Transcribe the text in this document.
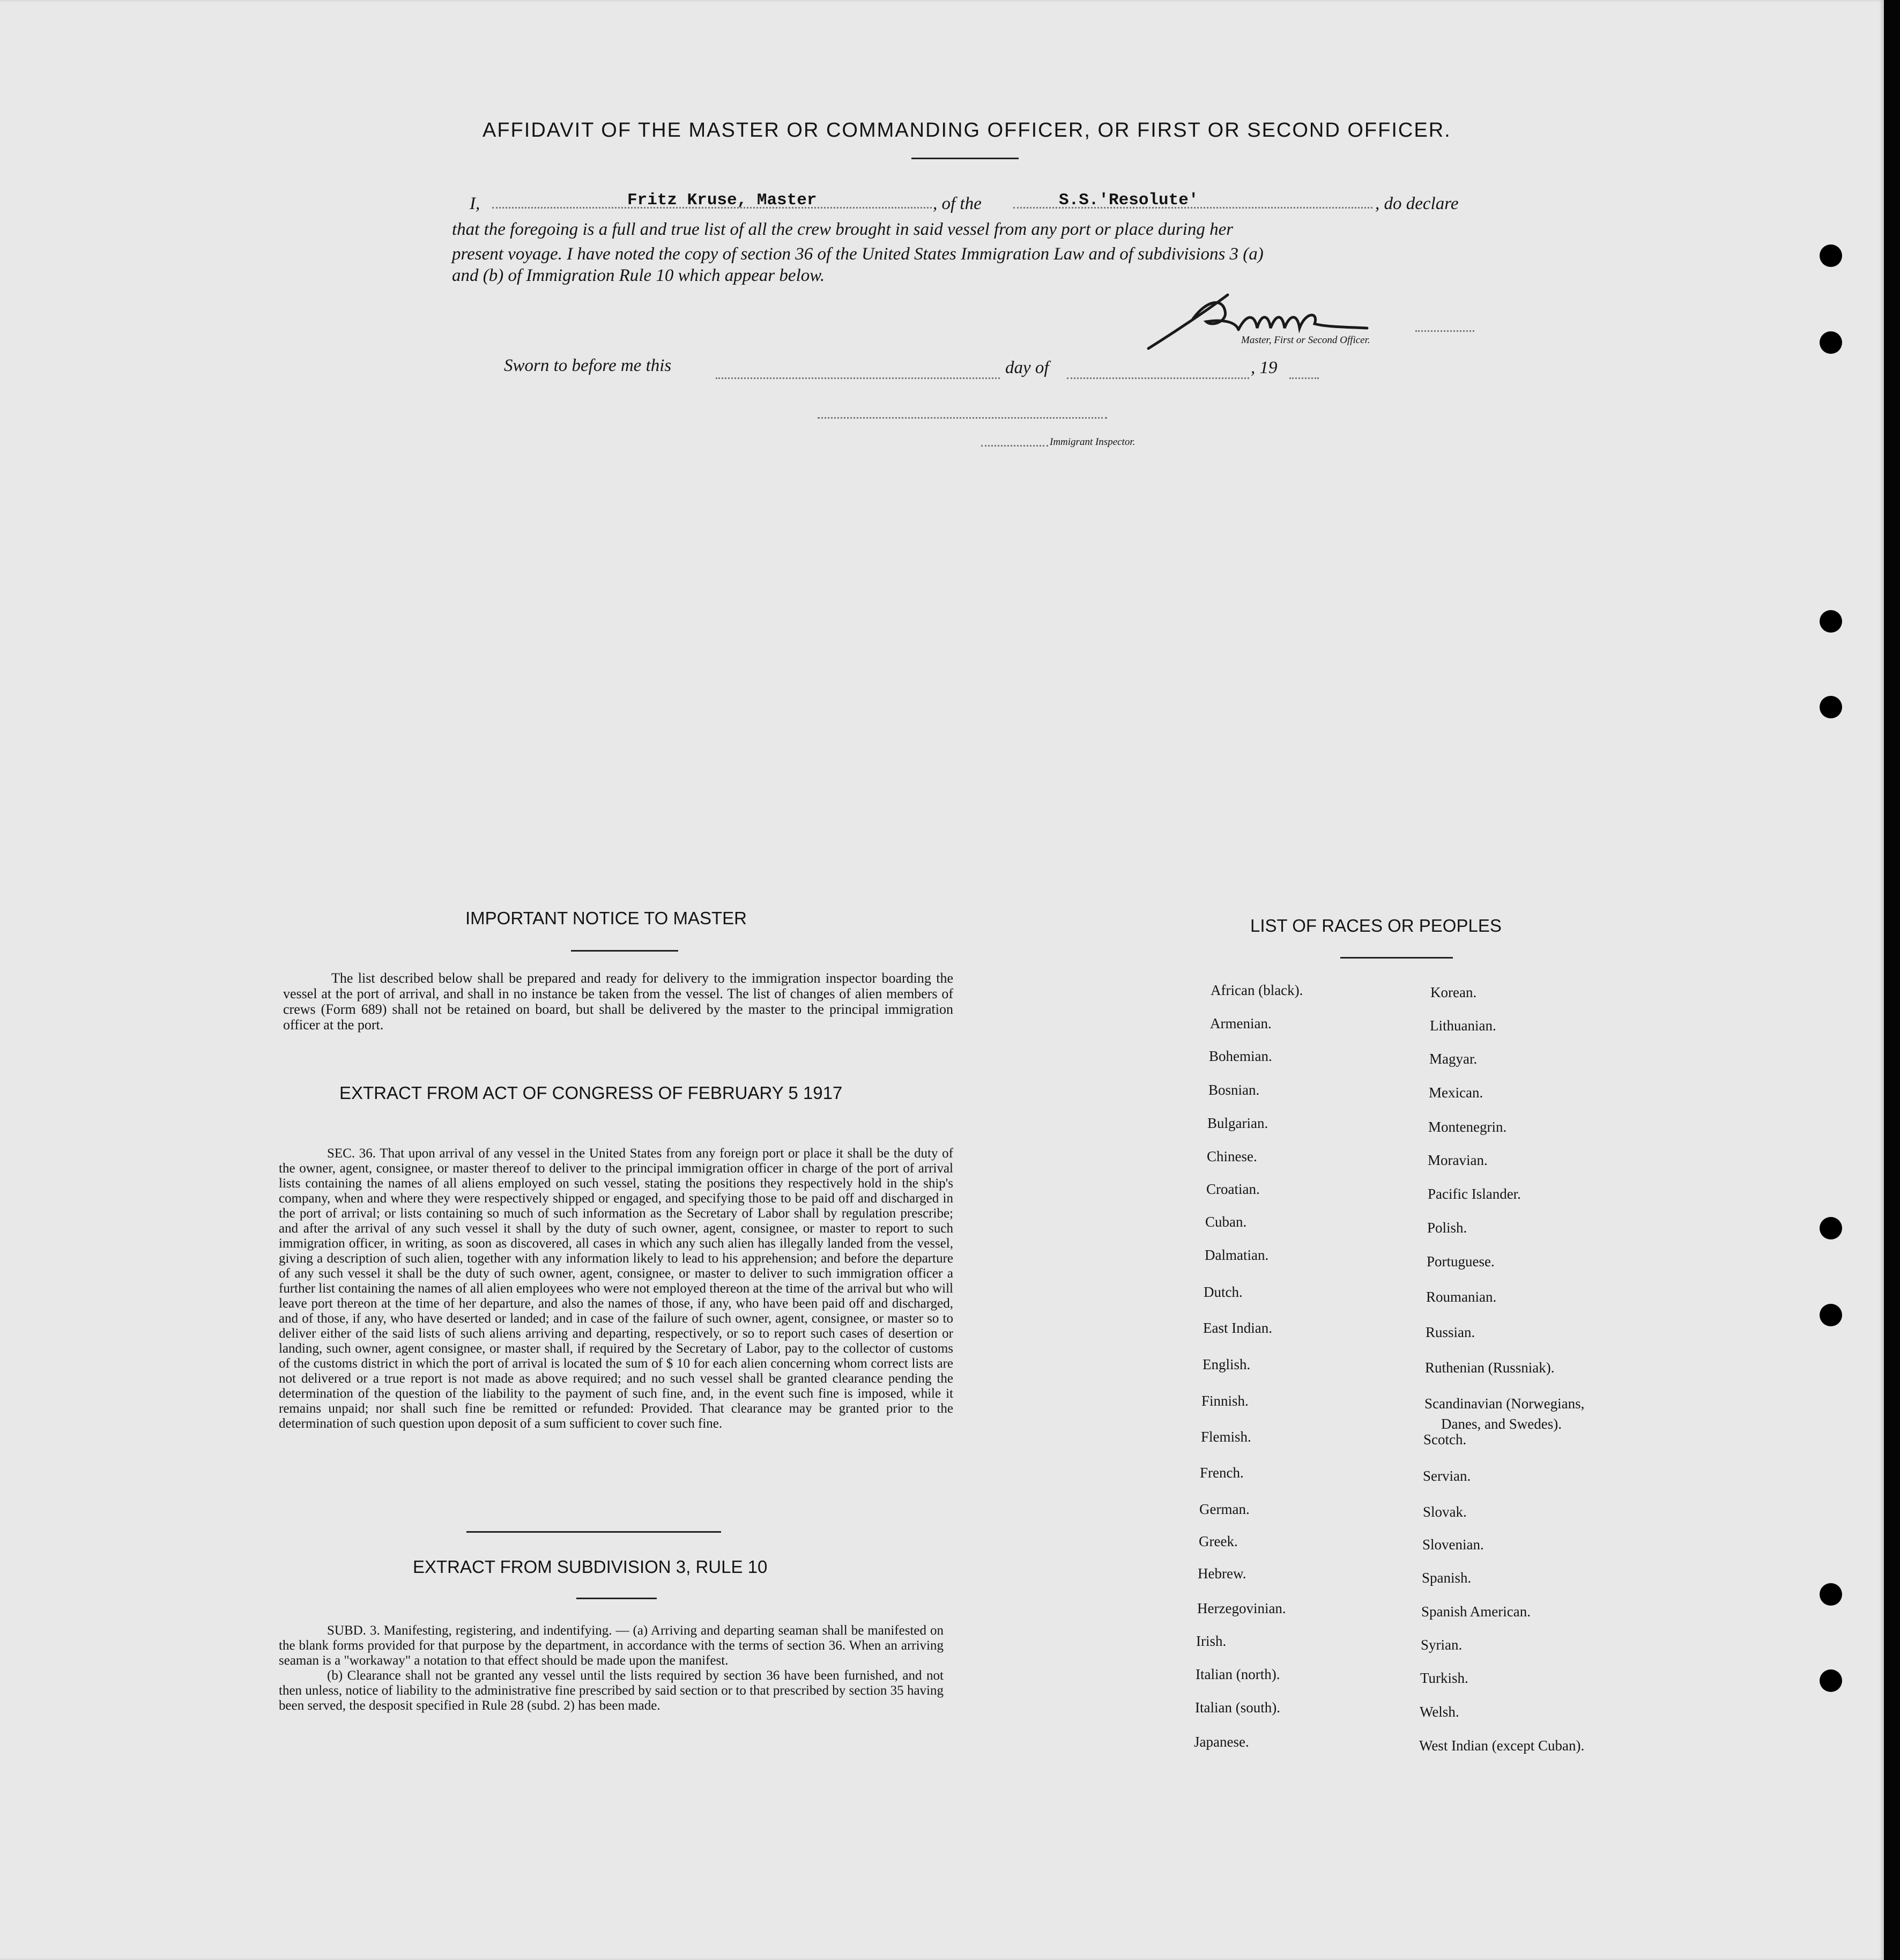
AFFIDAVIT OF THE MASTER OR COMMANDING OFFICER, OR FIRST OR SECOND OFFICER.
I,	Fritz Kruse, Master	, of the	S.S.'Resolute'	, do declare
that the foregoing is a full and true list of all the crew brought in said vessel from any port or place during her
present voyage. I have noted the copy of section 36 of the United States Immigration Law and of subdivisions 3 (a)
and (b) of Immigration Rule 10 which appear below.
Master, First or Second Officer.
Sworn to before me this	day of	, 19
Immigrant Inspector.
IMPORTANT NOTICE TO MASTER
The list described below shall be prepared and ready for delivery to the immigration inspector boarding the vessel at the port of arrival, and shall in no instance be taken from the vessel. The list of changes of alien members of crews (Form 689) shall not be retained on board, but shall be delivered by the master to the principal immigration officer at the port.
EXTRACT FROM ACT OF CONGRESS OF FEBRUARY 5 1917
SEC. 36. That upon arrival of any vessel in the United States from any foreign port or place it shall be the duty of the owner, agent, consignee, or master thereof to deliver to the principal immigration officer in charge of the port of arrival lists containing the names of all aliens employed on such vessel, stating the positions they respectively hold in the ship's company, when and where they were respectively shipped or engaged, and specifying those to be paid off and discharged in the port of arrival; or lists containing so much of such information as the Secretary of Labor shall by regulation prescribe; and after the arrival of any such vessel it shall by the duty of such owner, agent, consignee, or master to report to such immigration officer, in writing, as soon as discovered, all cases in which any such alien has illegally landed from the vessel, giving a description of such alien, together with any information likely to lead to his apprehension; and before the departure of any such vessel it shall be the duty of such owner, agent, consignee, or master to deliver to such immigration officer a further list containing the names of all alien employees who were not employed thereon at the time of the arrival but who will leave port thereon at the time of her departure, and also the names of those, if any, who have been paid off and discharged, and of those, if any, who have deserted or landed; and in case of the failure of such owner, agent, consignee, or master so to deliver either of the said lists of such aliens arriving and departing, respectively, or so to report such cases of desertion or landing, such owner, agent consignee, or master shall, if required by the Secretary of Labor, pay to the collector of customs of the customs district in which the port of arrival is located the sum of $ 10 for each alien concerning whom correct lists are not delivered or a true report is not made as above required; and no such vessel shall be granted clearance pending the determination of the question of the liability to the payment of such fine, and, in the event such fine is imposed, while it remains unpaid; nor shall such fine be remitted or refunded: Provided. That clearance may be granted prior to the determination of such question upon deposit of a sum sufficient to cover such fine.
EXTRACT FROM SUBDIVISION 3, RULE 10

SUBD. 3. Manifesting, registering, and indentifying. — (a) Arriving and departing seaman shall be manifested on the blank forms provided for that purpose by the department, in accordance with the terms of section 36. When an arriving seaman is a "workaway" a notation to that effect should be made upon the manifest.

(b) Clearance shall not be granted any vessel until the lists required by section 36 have been furnished, and not then unless, notice of liability to the administrative fine prescribed by said section or to that prescribed by section 35 having been served, the desposit specified in Rule 28 (subd. 2) has been made.

LIST OF RACES OR PEOPLES
African (black).
Armenian.
Bohemian.
Bosnian.
Bulgarian.
Chinese.
Croatian.
Cuban.
Dalmatian.
Dutch.
East Indian.
English.
Finnish.
Flemish.
French.
German.
Greek.
Hebrew.
Herzegovinian.
Irish.
Italian (north).
Italian (south).
Japanese.
Korean.
Lithuanian.
Magyar.
Mexican.
Montenegrin.
Moravian.
Pacific Islander.
Polish.
Portuguese.
Roumanian.
Russian.
Ruthenian (Russniak).
Scandinavian (Norwegians,
Danes, and Swedes).
Scotch.
Servian.
Slovak.
Slovenian.
Spanish.
Spanish American.
Syrian.
Turkish.
Welsh.
West Indian (except Cuban).
